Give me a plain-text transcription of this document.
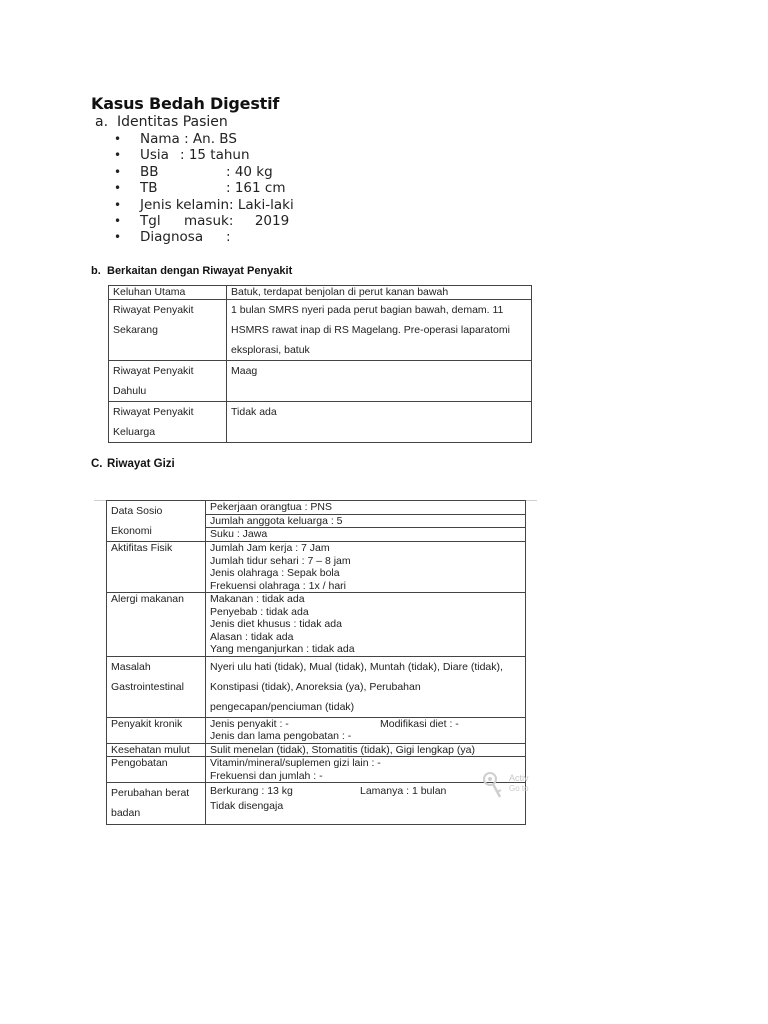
Kasus Bedah Digestif
a. Identitas Pasien
• Nama : An. BS
• Usia : 15 tahun
• BB	: 40 kg
• TB	: 161 cm
• Jenis kelamin: Laki-laki
• Tgl masuk:     2019
• Diagnosa :
b. Berkaitan dengan Riwayat Penyakit
Keluhan Utama	Batuk, terdapat benjolan di perut kanan bawah
Riwayat Penyakit Sekarang	1 bulan SMRS nyeri pada perut bagian bawah, demam. 11 HSMRS rawat inap di RS Magelang. Pre-operasi laparatomi eksplorasi, batuk
Riwayat Penyakit Dahulu	Maag
Riwayat Penyakit Keluarga	Tidak ada
C. Riwayat Gizi
Data Sosio Ekonomi	Pekerjaan orangtua : PNS
	Jumlah anggota keluarga : 5
	Suku : Jawa
Aktifitas Fisik	Jumlah Jam kerja : 7 Jam
Jumlah tidur sehari : 7 – 8 jam
Jenis olahraga : Sepak bola
Frekuensi olahraga : 1x / hari

Alergi makanan	Makanan : tidak ada
Penyebab : tidak ada
Jenis diet khusus : tidak ada
Alasan : tidak ada
Yang menganjurkan : tidak ada

Masalah Gastrointestinal	Nyeri ulu hati (tidak), Mual (tidak), Muntah (tidak), Diare (tidak), Konstipasi (tidak), Anoreksia (ya), Perubahan pengecapan/penciuman (tidak)
Penyakit kronik	Jenis penyakit : - Modifikasi diet : -
Jenis dan lama pengobatan : -

Kesehatan mulut	Sulit menelan (tidak), Stomatitis (tidak), Gigi lengkap (ya)
Pengobatan	Vitamin/mineral/suplemen gizi lain : -
Frekuensi dan jumlah : -

Perubahan berat badan	Berkurang : 13 kg Lamanya : 1 bulan
Tidak disengaja
Activ
Go to
